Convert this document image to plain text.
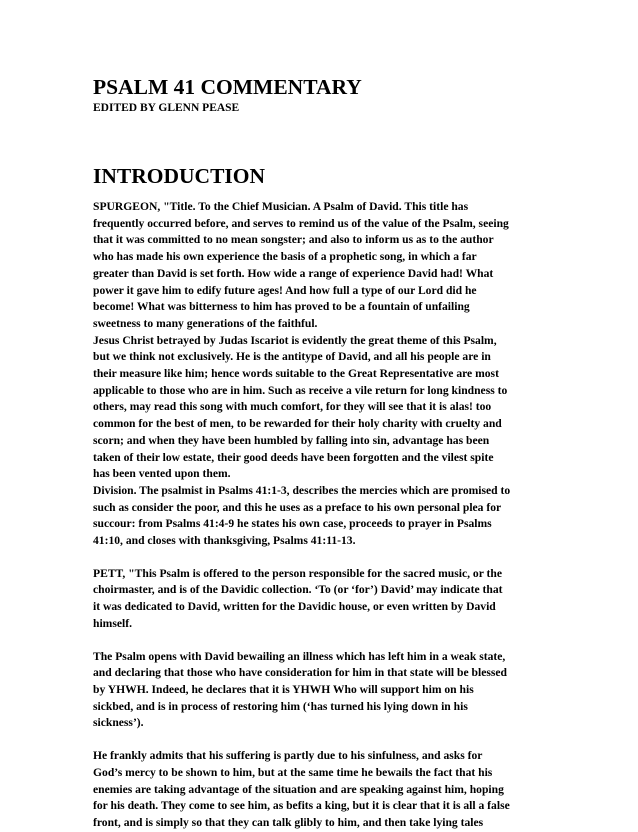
PSALM 41 COMMENTARY
EDITED BY GLENN PEASE
INTRODUCTION

SPURGEON, "Title. To the Chief Musician. A Psalm of David. This title has
frequently occurred before, and serves to remind us of the value of the Psalm, seeing
that it was committed to no mean songster; and also to inform us as to the author
who has made his own experience the basis of a prophetic song, in which a far
greater than David is set forth. How wide a range of experience David had! What
power it gave him to edify future ages! And how full a type of our Lord did he
become! What was bitterness to him has proved to be a fountain of unfailing
sweetness to many generations of the faithful.

Jesus Christ betrayed by Judas Iscariot is evidently the great theme of this Psalm,
but we think not exclusively. He is the antitype of David, and all his people are in
their measure like him; hence words suitable to the Great Representative are most
applicable to those who are in him. Such as receive a vile return for long kindness to
others, may read this song with much comfort, for they will see that it is alas! too
common for the best of men, to be rewarded for their holy charity with cruelty and
scorn; and when they have been humbled by falling into sin, advantage has been
taken of their low estate, their good deeds have been forgotten and the vilest spite
has been vented upon them.

Division. The psalmist in Psalms 41:1-3, describes the mercies which are promised to
such as consider the poor, and this he uses as a preface to his own personal plea for
succour: from Psalms 41:4-9 he states his own case, proceeds to prayer in Psalms
41:10, and closes with thanksgiving, Psalms 41:11-13.

PETT, "This Psalm is offered to the person responsible for the sacred music, or the
choirmaster, and is of the Davidic collection. ‘To (or ‘for’) David’ may indicate that
it was dedicated to David, written for the Davidic house, or even written by David
himself.

The Psalm opens with David bewailing an illness which has left him in a weak state,
and declaring that those who have consideration for him in that state will be blessed
by YHWH. Indeed, he declares that it is YHWH Who will support him on his
sickbed, and is in process of restoring him (‘has turned his lying down in his
sickness’).

He frankly admits that his suffering is partly due to his sinfulness, and asks for
God’s mercy to be shown to him, but at the same time he bewails the fact that his
enemies are taking advantage of the situation and are speaking against him, hoping
for his death. They come to see him, as befits a king, but it is clear that it is all a false
front, and is simply so that they can talk glibly to him, and then take lying tales
